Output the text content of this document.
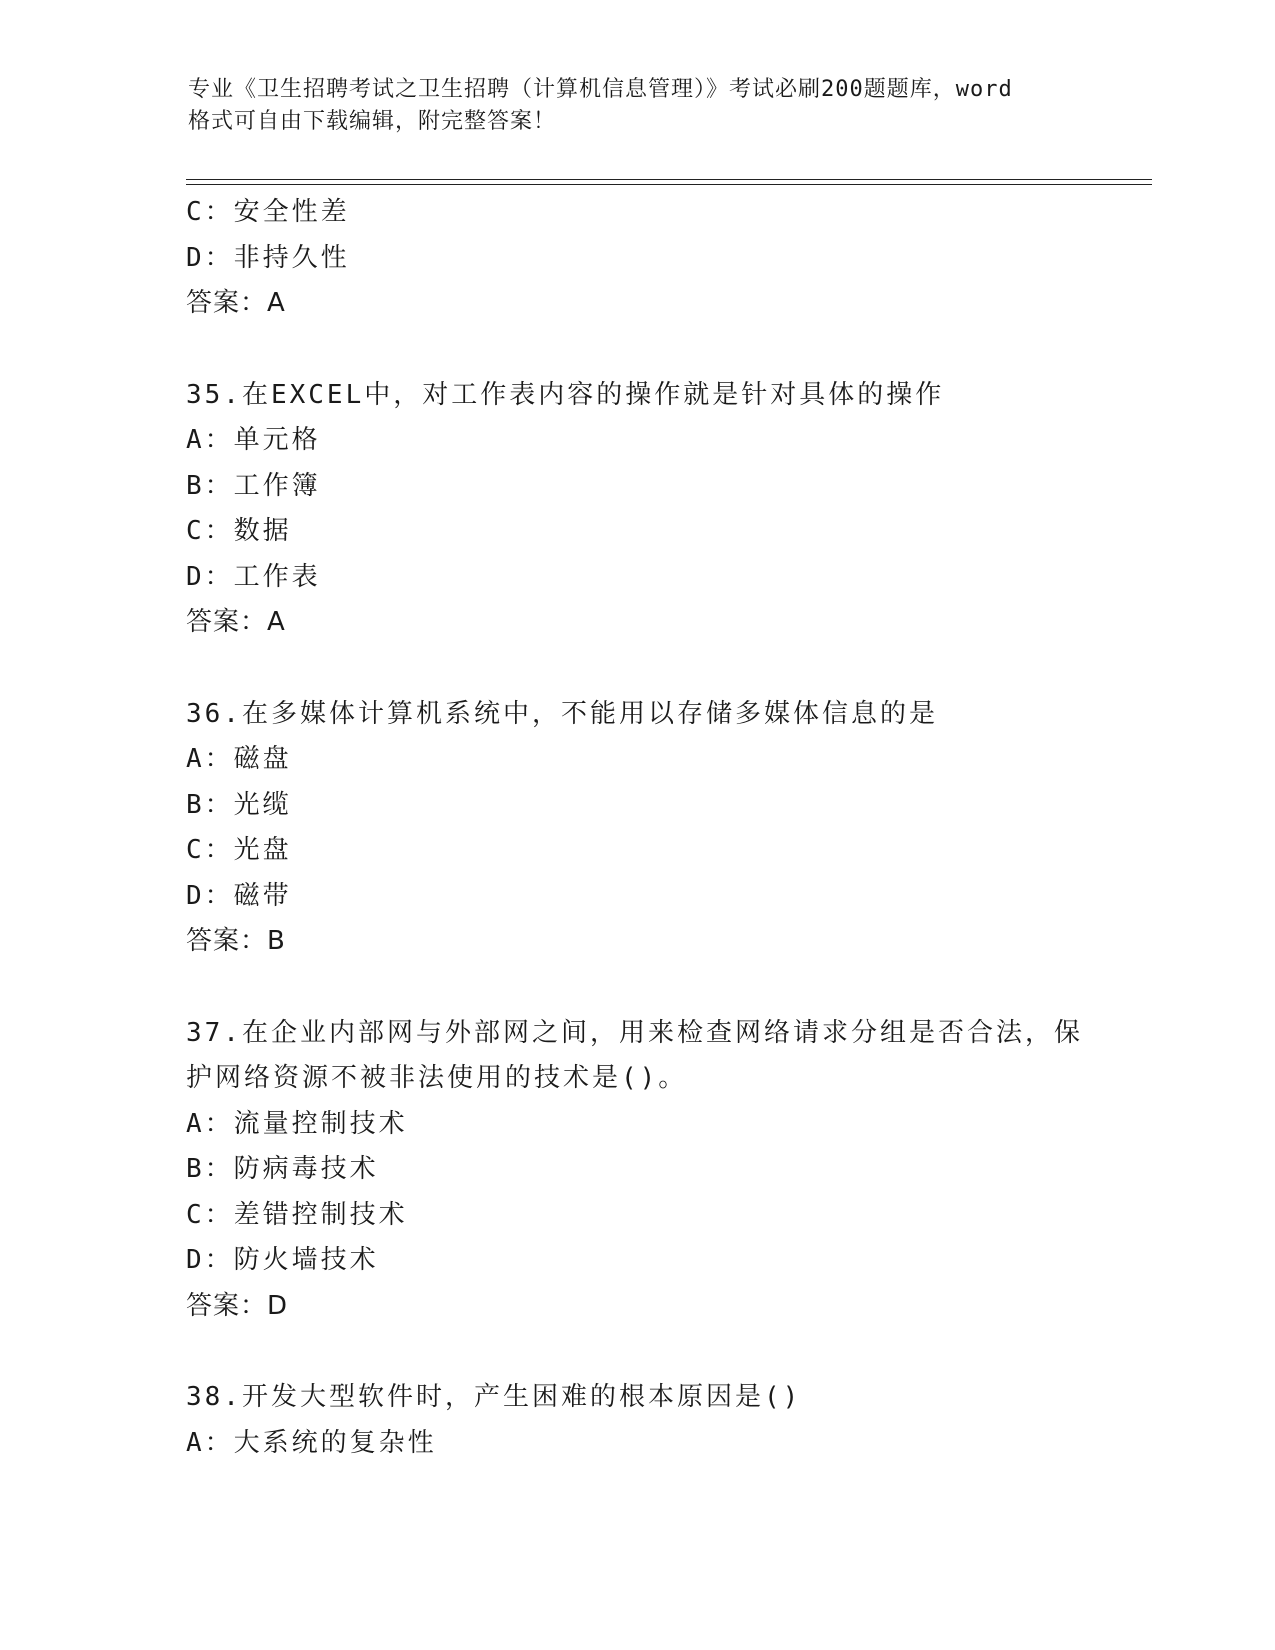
专业《卫生招聘考试之卫生招聘（计算机信息管理）》考试必刷200题题库，word
格式可自由下载编辑，附完整答案！
C：安全性差
D：非持久性
答案：A
35.在EXCEL中，对工作表内容的操作就是针对具体的操作
A：单元格
B：工作簿
C：数据
D：工作表
答案：A
36.在多媒体计算机系统中，不能用以存储多媒体信息的是
A：磁盘
B：光缆
C：光盘
D：磁带
答案：B
37.在企业内部网与外部网之间，用来检查网络请求分组是否合法，保
护网络资源不被非法使用的技术是()。
A：流量控制技术
B：防病毒技术
C：差错控制技术
D：防火墙技术
答案：D
38.开发大型软件时，产生困难的根本原因是()
A：大系统的复杂性
